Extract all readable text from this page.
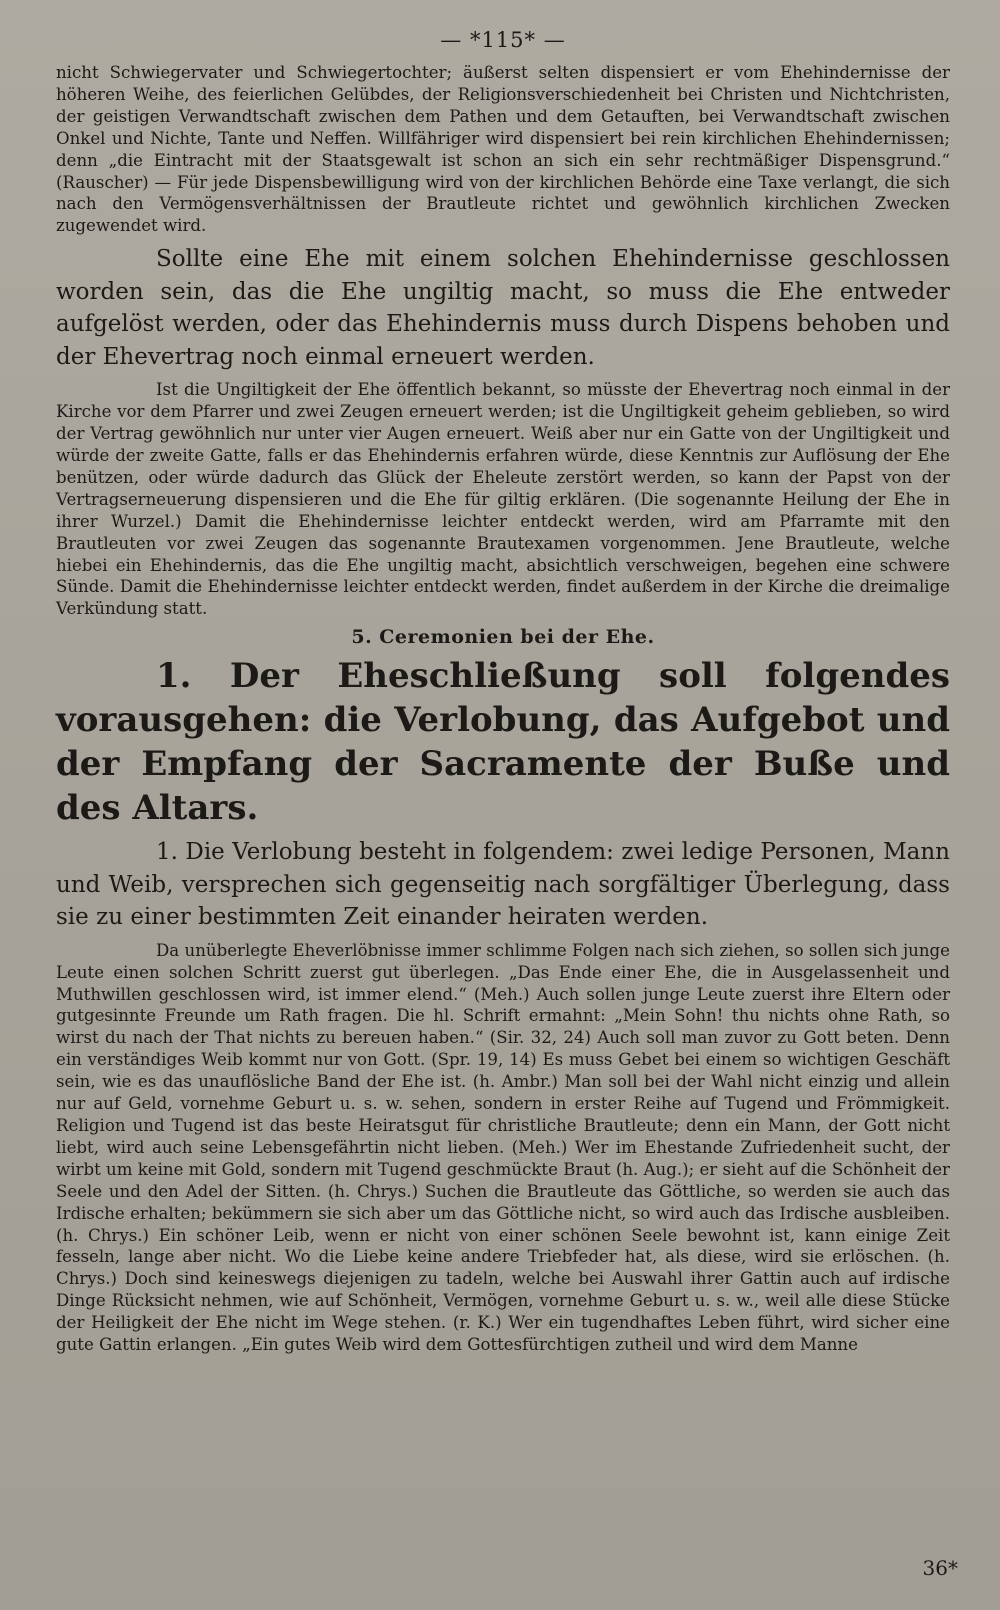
— *115* —

nicht Schwiegervater und Schwiegertochter; äußerst selten dispensiert er vom Ehehindernisse der höheren Weihe, des feierlichen Gelübdes, der Religionsverschiedenheit bei Christen und Nichtchristen, der geistigen Verwandtschaft zwischen dem Pathen und dem Getauften, bei Verwandtschaft zwischen Onkel und Nichte, Tante und Neffen. Willfähriger wird dispensiert bei rein kirchlichen Ehehindernissen; denn „die Eintracht mit der Staatsgewalt ist schon an sich ein sehr rechtmäßiger Dispensgrund.“ (Rauscher) — Für jede Dispensbewilligung wird von der kirchlichen Behörde eine Taxe verlangt, die sich nach den Vermögensverhältnissen der Brautleute richtet und gewöhnlich kirchlichen Zwecken zugewendet wird.

Sollte eine Ehe mit einem solchen Ehehindernisse geschlossen worden sein, das die Ehe ungiltig macht, so muss die Ehe entweder aufgelöst werden, oder das Ehehindernis muss durch Dispens behoben und der Ehevertrag noch einmal erneuert werden.

Ist die Ungiltigkeit der Ehe öffentlich bekannt, so müsste der Ehevertrag noch einmal in der Kirche vor dem Pfarrer und zwei Zeugen erneuert werden; ist die Ungiltigkeit geheim geblieben, so wird der Vertrag gewöhnlich nur unter vier Augen erneuert. Weiß aber nur ein Gatte von der Ungiltigkeit und würde der zweite Gatte, falls er das Ehehindernis erfahren würde, diese Kenntnis zur Auflösung der Ehe benützen, oder würde dadurch das Glück der Eheleute zerstört werden, so kann der Papst von der Vertragserneuerung dispensieren und die Ehe für giltig erklären. (Die sogenannte Heilung der Ehe in ihrer Wurzel.) Damit die Ehehindernisse leichter entdeckt werden, wird am Pfarramte mit den Brautleuten vor zwei Zeugen das sogenannte Brautexamen vorgenommen. Jene Brautleute, welche hiebei ein Ehehindernis, das die Ehe ungiltig macht, absichtlich verschweigen, begehen eine schwere Sünde. Damit die Ehehindernisse leichter entdeckt werden, findet außerdem in der Kirche die dreimalige Verkündung statt.

5. Ceremonien bei der Ehe.

1. Der Eheschließung soll folgendes vorausgehen: die Verlobung, das Aufgebot und der Empfang der Sacramente der Buße und des Altars.

1. Die Verlobung besteht in folgendem: zwei ledige Personen, Mann und Weib, versprechen sich gegenseitig nach sorgfältiger Überlegung, dass sie zu einer bestimmten Zeit einander heiraten werden.

Da unüberlegte Eheverlöbnisse immer schlimme Folgen nach sich ziehen, so sollen sich junge Leute einen solchen Schritt zuerst gut überlegen. „Das Ende einer Ehe, die in Ausgelassenheit und Muthwillen geschlossen wird, ist immer elend.“ (Meh.) Auch sollen junge Leute zuerst ihre Eltern oder gutgesinnte Freunde um Rath fragen. Die hl. Schrift ermahnt: „Mein Sohn! thu nichts ohne Rath, so wirst du nach der That nichts zu bereuen haben.“ (Sir. 32, 24) Auch soll man zuvor zu Gott beten. Denn ein verständiges Weib kommt nur von Gott. (Spr. 19, 14) Es muss Gebet bei einem so wichtigen Geschäft sein, wie es das unauflösliche Band der Ehe ist. (h. Ambr.) Man soll bei der Wahl nicht einzig und allein nur auf Geld, vornehme Geburt u. s. w. sehen, sondern in erster Reihe auf Tugend und Frömmigkeit. Religion und Tugend ist das beste Heiratsgut für christliche Brautleute; denn ein Mann, der Gott nicht liebt, wird auch seine Lebensgefährtin nicht lieben. (Meh.) Wer im Ehestande Zufriedenheit sucht, der wirbt um keine mit Gold, sondern mit Tugend geschmückte Braut (h. Aug.); er sieht auf die Schönheit der Seele und den Adel der Sitten. (h. Chrys.) Suchen die Brautleute das Göttliche, so werden sie auch das Irdische erhalten; bekümmern sie sich aber um das Göttliche nicht, so wird auch das Irdische ausbleiben. (h. Chrys.) Ein schöner Leib, wenn er nicht von einer schönen Seele bewohnt ist, kann einige Zeit fesseln, lange aber nicht. Wo die Liebe keine andere Triebfeder hat, als diese, wird sie erlöschen. (h. Chrys.) Doch sind keineswegs diejenigen zu tadeln, welche bei Auswahl ihrer Gattin auch auf irdische Dinge Rücksicht nehmen, wie auf Schönheit, Vermögen, vornehme Geburt u. s. w., weil alle diese Stücke der Heiligkeit der Ehe nicht im Wege stehen. (r. K.) Wer ein tugendhaftes Leben führt, wird sicher eine gute Gattin erlangen. „Ein gutes Weib wird dem Gottesfürchtigen zutheil und wird dem Manne

36*
